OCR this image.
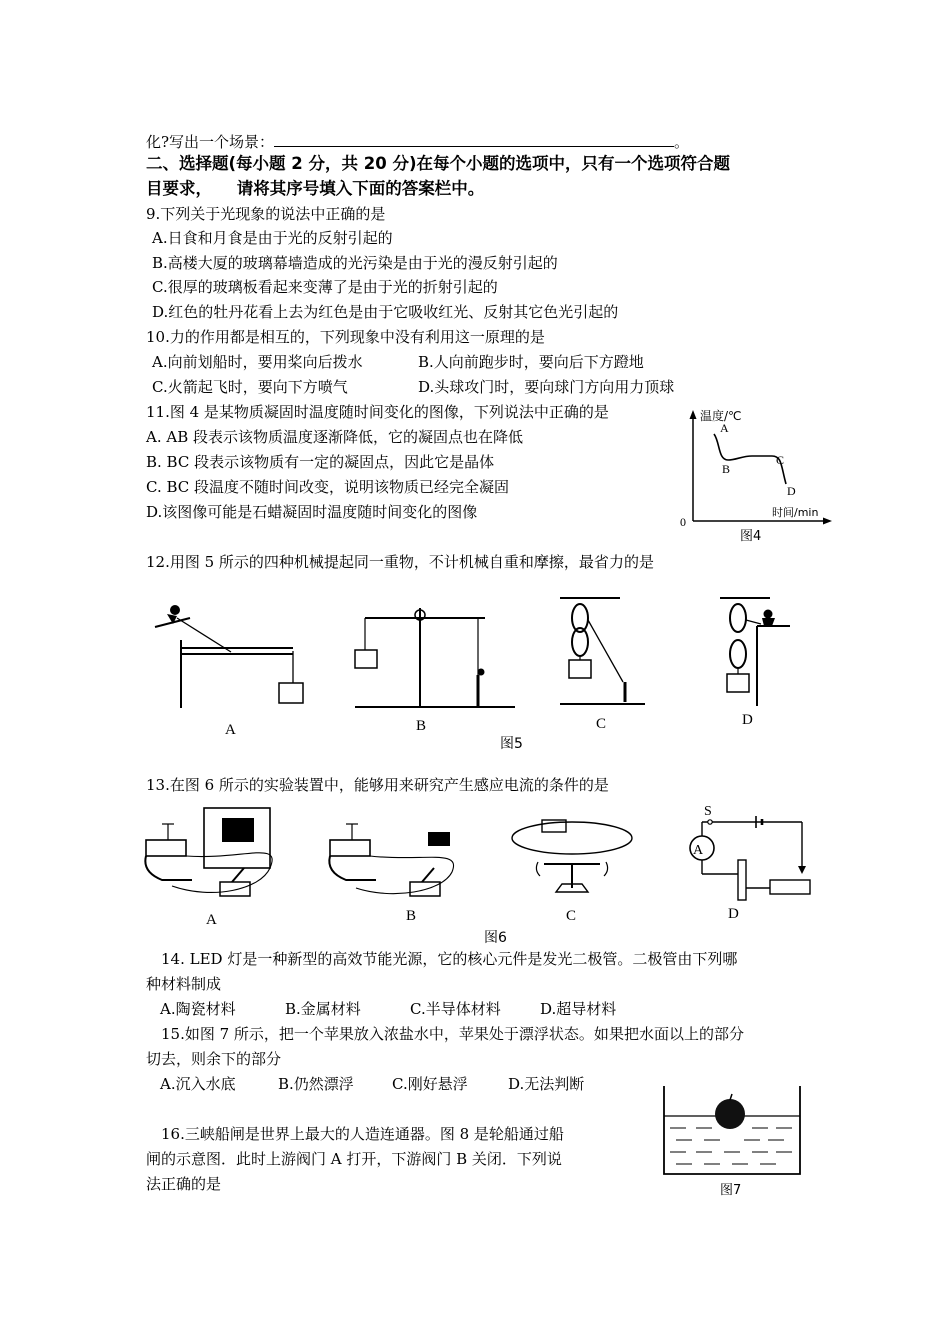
化?写出一个场景：	。
二、选择题(每小题 2 分，共 20 分)在每个小题的选项中，只有一个选项符合题
目要求，　　请将其序号填入下面的答案栏中。
9.下列关于光现象的说法中正确的是
A.日食和月食是由于光的反射引起的
B.高楼大厦的玻璃幕墙造成的光污染是由于光的漫反射引起的
C.很厚的玻璃板看起来变薄了是由于光的折射引起的
D.红色的牡丹花看上去为红色是由于它吸收红光、反射其它色光引起的
10.力的作用都是相互的，下列现象中没有利用这一原理的是
A.向前划船时，要用桨向后拨水	B.人向前跑步时，要向后下方蹬地
C.火箭起飞时，要向下方喷气	D.头球攻门时，要向球门方向用力顶球
11.图 4 是某物质凝固时温度随时间变化的图像，下列说法中正确的是
A. AB 段表示该物质温度逐渐降低，它的凝固点也在降低
B. BC 段表示该物质有一定的凝固点，因此它是晶体
C. BC 段温度不随时间改变，说明该物质已经完全凝固
D.该图像可能是石蜡凝固时温度随时间变化的图像
温度/℃
A
B
C
D
0
时间/min
图4
12.用图 5 所示的四种机械提起同一重物，不计机械自重和摩擦，最省力的是
A	B	C	D
图5
13.在图 6 所示的实验装置中，能够用来研究产生感应电流的条件的是
A
S
A	B	C	D
图6
　14. LED 灯是一种新型的高效节能光源，它的核心元件是发光二极管。二极管由下列哪
种材料制成
A.陶瓷材料	B.金属材料	C.半导体材料	D.超导材料
　15.如图 7 所示，把一个苹果放入浓盐水中，苹果处于漂浮状态。如果把水面以上的部分
切去，则余下的部分
A.沉入水底	B.仍然漂浮	C.刚好悬浮	D.无法判断
图7
　16.三峡船闸是世界上最大的人造连通器。图 8 是轮船通过船
闸的示意图．此时上游阀门 A 打开，下游阀门 B 关闭．下列说
法正确的是
